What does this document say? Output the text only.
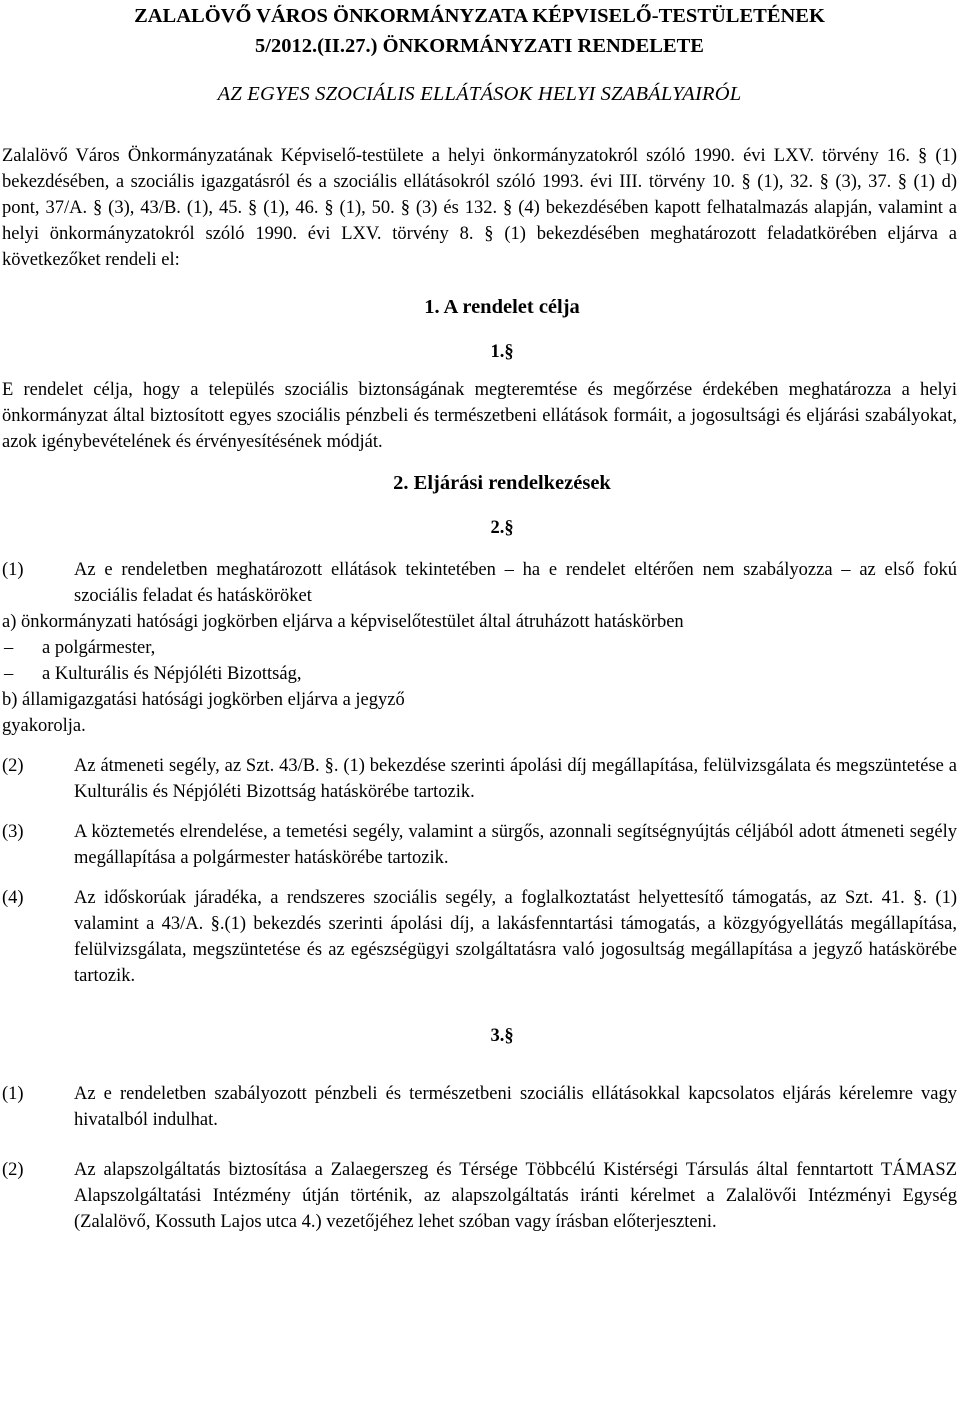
ZALALÖVŐ VÁROS ÖNKORMÁNYZATA KÉPVISELŐ-TESTÜLETÉNEK
5/2012.(II.27.) ÖNKORMÁNYZATI RENDELETE
AZ EGYES SZOCIÁLIS ELLÁTÁSOK HELYI SZABÁLYAIRÓL

Zalalövő Város Önkormányzatának Képviselő-testülete a helyi önkormányzatokról szóló 1990. évi LXV. törvény 16. § (1) bekezdésében, a szociális igazgatásról és a szociális ellátásokról szóló 1993. évi III. törvény 10. § (1), 32. § (3), 37. § (1) d) pont, 37/A. § (3), 43/B. (1), 45. § (1), 46. § (1), 50. § (3) és 132. § (4) bekezdésében kapott felhatalmazás alapján, valamint a helyi önkormányzatokról szóló 1990. évi LXV. törvény 8. § (1) bekezdésében meghatározott feladatkörében eljárva a következőket rendeli el:

1. A rendelet célja
1.§

E rendelet célja, hogy a település szociális biztonságának megteremtése és megőrzése érdekében meghatározza a helyi önkormányzat által biztosított egyes szociális pénzbeli és természetbeni ellátások formáit, a jogosultsági és eljárási szabályokat, azok igénybevételének és érvényesítésének módját.

2. Eljárási rendelkezések
2.§
(1)	Az e rendeletben meghatározott ellátások tekintetében – ha e rendelet eltérően nem szabályozza – az első fokú szociális feladat és hatásköröket

a) önkormányzati hatósági jogkörben eljárva a képviselőtestület által átruházott hatáskörben

–	a polgármester,
–	a Kulturális és Népjóléti Bizottság,

b) államigazgatási hatósági jogkörben eljárva a jegyző

gyakorolja.

(2)	Az átmeneti segély, az Szt. 43/B. §. (1) bekezdése szerinti ápolási díj megállapítása, felülvizsgálata és megszüntetése a Kulturális és Népjóléti Bizottság hatáskörébe tartozik.
(3)	A köztemetés elrendelése, a temetési segély, valamint a sürgős, azonnali segítségnyújtás céljából adott átmeneti segély megállapítása a polgármester hatáskörébe tartozik.
(4)	Az időskorúak járadéka, a rendszeres szociális segély, a foglalkoztatást helyettesítő támogatás, az Szt. 41. §. (1) valamint a 43/A. §.(1) bekezdés szerinti ápolási díj, a lakásfenntartási támogatás, a közgyógyellátás megállapítása, felülvizsgálata, megszüntetése és az egészségügyi szolgáltatásra való jogosultság megállapítása a jegyző hatáskörébe tartozik.
3.§
(1)	Az e rendeletben szabályozott pénzbeli és természetbeni szociális ellátásokkal kapcsolatos eljárás kérelemre vagy hivatalból indulhat.
(2)	Az alapszolgáltatás biztosítása a Zalaegerszeg és Térsége Többcélú Kistérségi Társulás által fenntartott TÁMASZ Alapszolgáltatási Intézmény útján történik, az alapszolgáltatás iránti kérelmet a Zalalövői Intézményi Egység (Zalalövő, Kossuth Lajos utca 4.) vezetőjéhez lehet szóban vagy írásban előterjeszteni.
